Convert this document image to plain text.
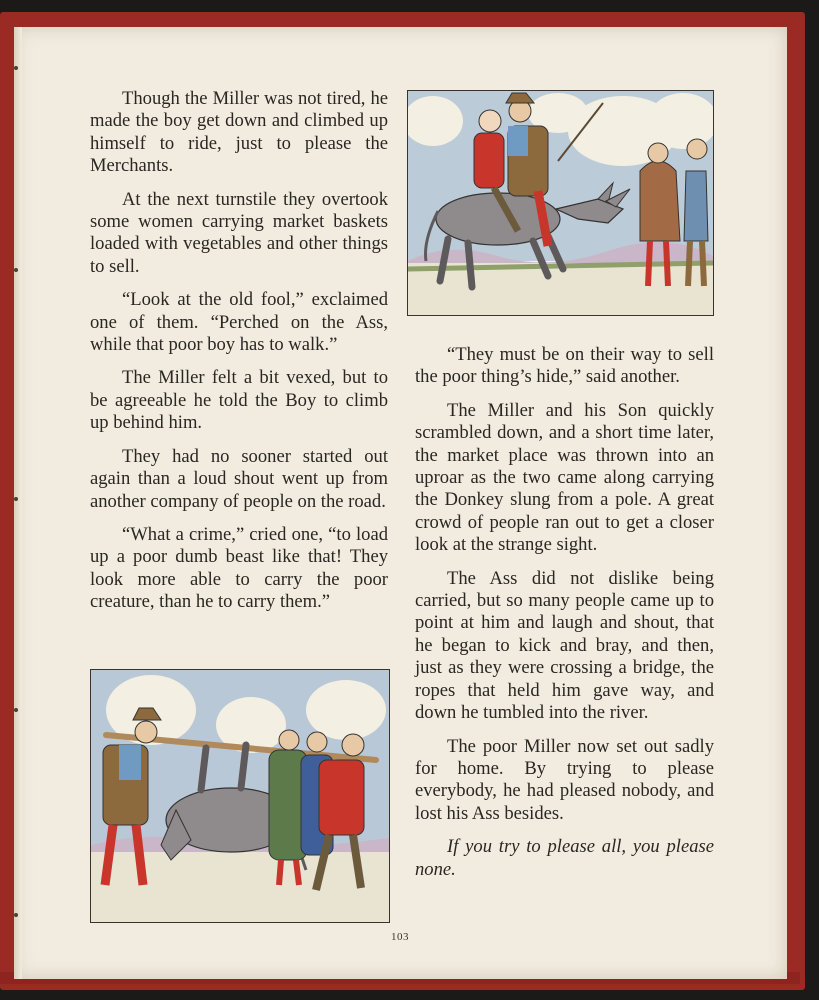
Though the Miller was not tired, he made the boy get down and climbed up himself to ride, just to please the Merchants.

At the next turnstile they overtook some women carrying market baskets loaded with vegetables and other things to sell.

“Look at the old fool,” exclaimed one of them. “Perched on the Ass, while that poor boy has to walk.”

The Miller felt a bit vexed, but to be agreeable he told the Boy to climb up behind him.

They had no sooner started out again than a loud shout went up from another company of people on the road.

“What a crime,” cried one, “to load up a poor dumb beast like that! They look more able to carry the poor creature, than he to carry them.”

“They must be on their way to sell the poor thing’s hide,” said another.

The Miller and his Son quickly scrambled down, and a short time later, the market place was thrown into an uproar as the two came along carrying the Donkey slung from a pole. A great crowd of people ran out to get a closer look at the strange sight.

The Ass did not dislike being carried, but so many people came up to point at him and laugh and shout, that he began to kick and bray, and then, just as they were crossing a bridge, the ropes that held him gave way, and down he tumbled into the river.

The poor Miller now set out sadly for home. By trying to please everybody, he had pleased nobody, and lost his Ass besides.

If you try to please all, you please none.

103
